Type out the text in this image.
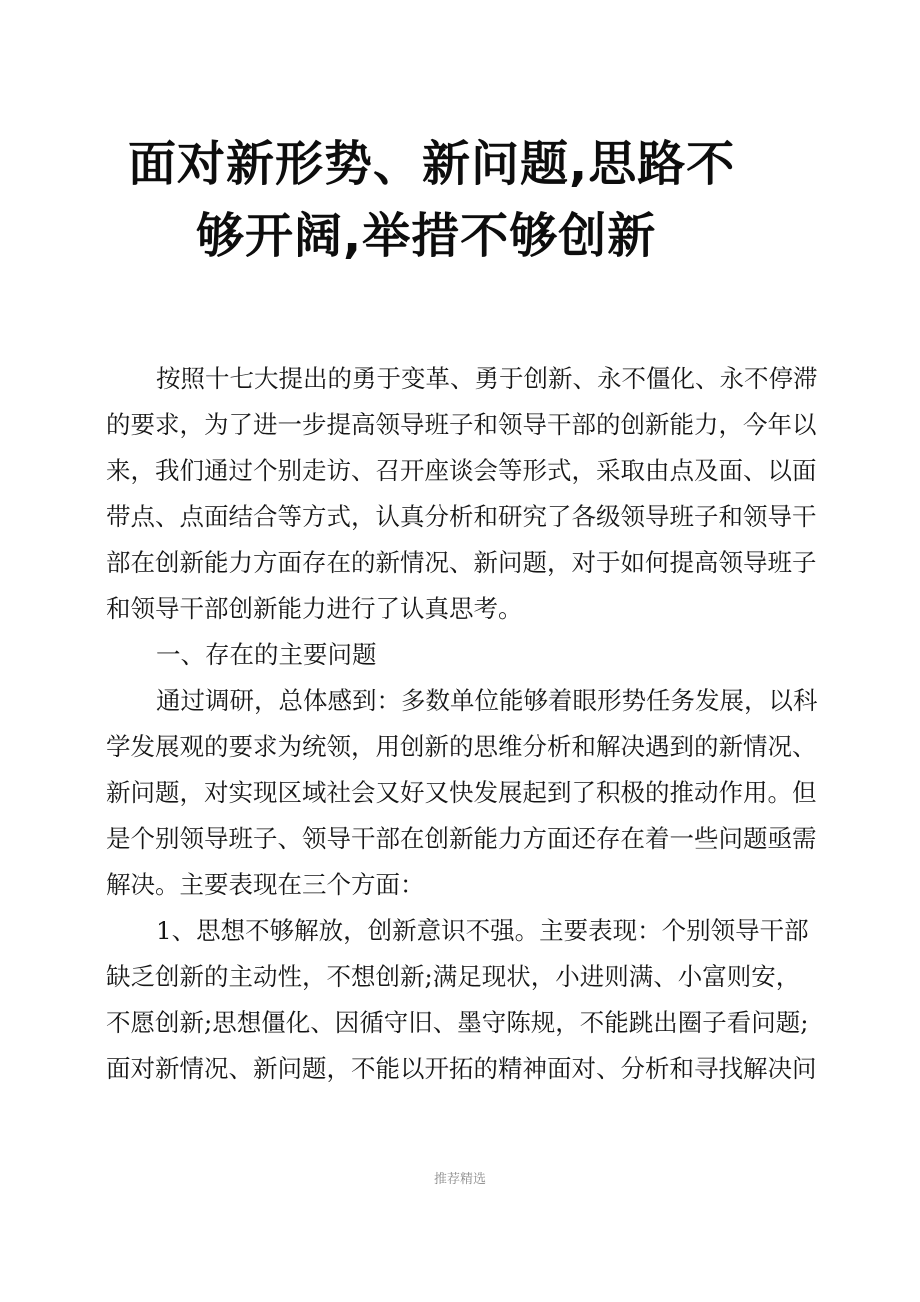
面对新形势、新问题,思路不
够开阔,举措不够创新
按照十七大提出的勇于变革、勇于创新、永不僵化、永不停滞
的要求，为了进一步提高领导班子和领导干部的创新能力，今年以
来，我们通过个别走访、召开座谈会等形式，采取由点及面、以面
带点、点面结合等方式，认真分析和研究了各级领导班子和领导干
部在创新能力方面存在的新情况、新问题，对于如何提高领导班子
和领导干部创新能力进行了认真思考。
一、存在的主要问题
通过调研，总体感到：多数单位能够着眼形势任务发展，以科
学发展观的要求为统领，用创新的思维分析和解决遇到的新情况、
新问题，对实现区域社会又好又快发展起到了积极的推动作用。但
是个别领导班子、领导干部在创新能力方面还存在着一些问题亟需
解决。主要表现在三个方面：
1、思想不够解放，创新意识不强。主要表现：个别领导干部
缺乏创新的主动性，不想创新;满足现状，小进则满、小富则安，
不愿创新;思想僵化、因循守旧、墨守陈规，不能跳出圈子看问题;
面对新情况、新问题，不能以开拓的精神面对、分析和寻找解决问
推荐精选
